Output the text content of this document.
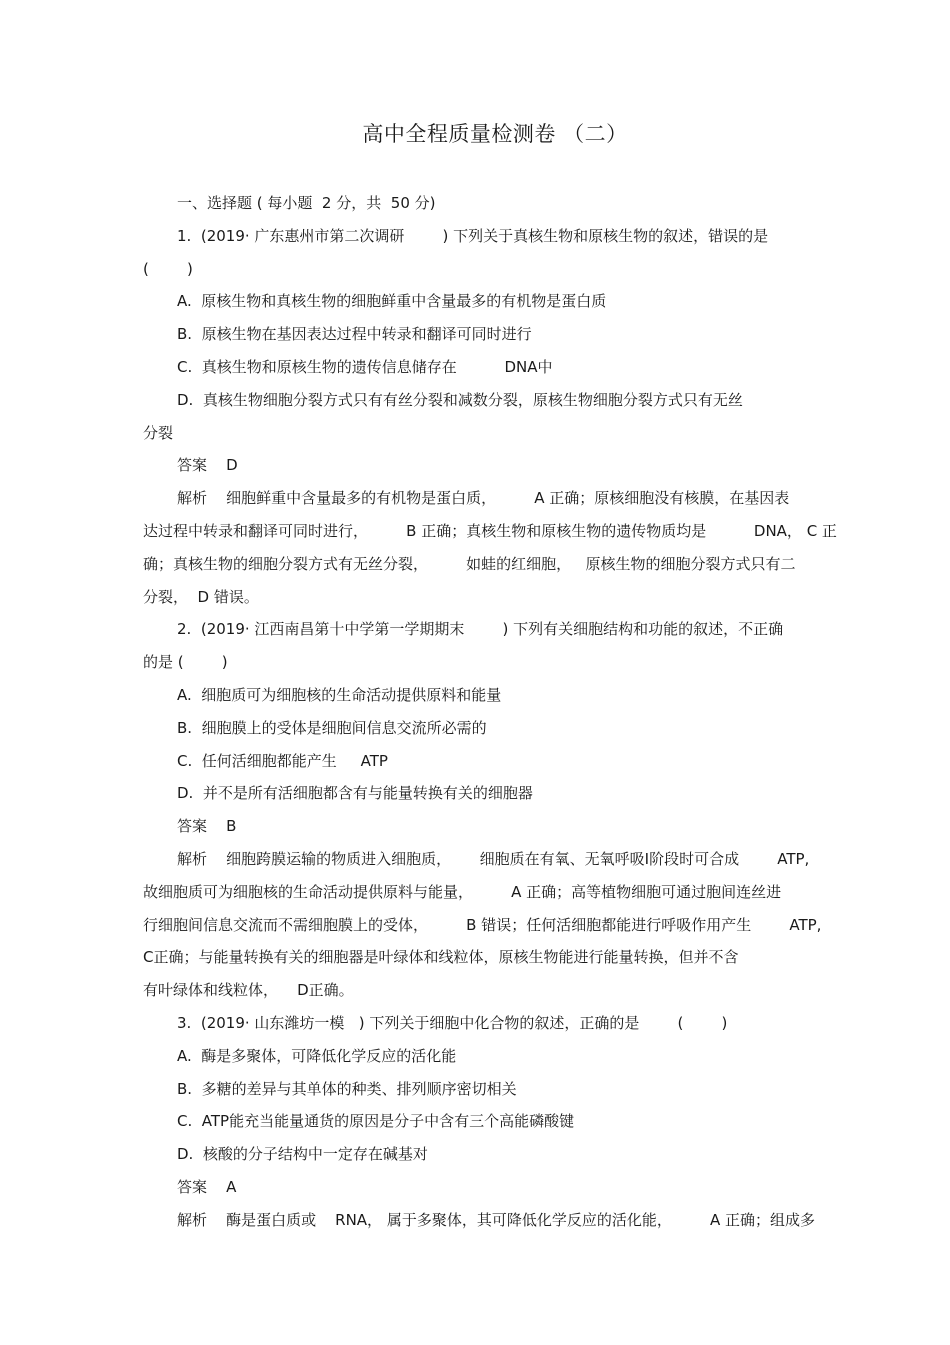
高中全程质量检测卷 （二）
一、选择题 ( 每小题  2 分，共  50 分)
1.  (2019· 广东惠州市第二次调研        ) 下列关于真核生物和原核生物的叙述，错误的是
(        )
A.  原核生物和真核生物的细胞鲜重中含量最多的有机物是蛋白质
B.  原核生物在基因表达过程中转录和翻译可同时进行
C.  真核生物和原核生物的遗传信息储存在          DNA中
D.  真核生物细胞分裂方式只有有丝分裂和减数分裂，原核生物细胞分裂方式只有无丝
分裂
答案    D
解析    细胞鲜重中含量最多的有机物是蛋白质，        A 正确；原核细胞没有核膜，在基因表
达过程中转录和翻译可同时进行，        B 正确；真核生物和原核生物的遗传物质均是          DNA， C 正
确；真核生物的细胞分裂方式有无丝分裂，        如蛙的红细胞，   原核生物的细胞分裂方式只有二
分裂，  D 错误。
2.  (2019· 江西南昌第十中学第一学期期末        ) 下列有关细胞结构和功能的叙述，不正确
的是 (        )
A.  细胞质可为细胞核的生命活动提供原料和能量
B.  细胞膜上的受体是细胞间信息交流所必需的
C.  任何活细胞都能产生     ATP
D.  并不是所有活细胞都含有与能量转换有关的细胞器
答案    B
解析    细胞跨膜运输的物质进入细胞质，      细胞质在有氧、无氧呼吸Ⅰ阶段时可合成        ATP,
故细胞质可为细胞核的生命活动提供原料与能量，        A 正确；高等植物细胞可通过胞间连丝进
行细胞间信息交流而不需细胞膜上的受体，        B 错误；任何活细胞都能进行呼吸作用产生        ATP,
C正确；与能量转换有关的细胞器是叶绿体和线粒体，原核生物能进行能量转换，但并不含
有叶绿体和线粒体，    D正确。
3.  (2019· 山东潍坊一模   ) 下列关于细胞中化合物的叙述，正确的是        (        )
A.  酶是多聚体，可降低化学反应的活化能
B.  多糖的差异与其单体的种类、排列顺序密切相关
C.  ATP能充当能量通货的原因是分子中含有三个高能磷酸键
D.  核酸的分子结构中一定存在碱基对
答案    A
解析    酶是蛋白质或    RNA， 属于多聚体，其可降低化学反应的活化能，        A 正确；组成多
